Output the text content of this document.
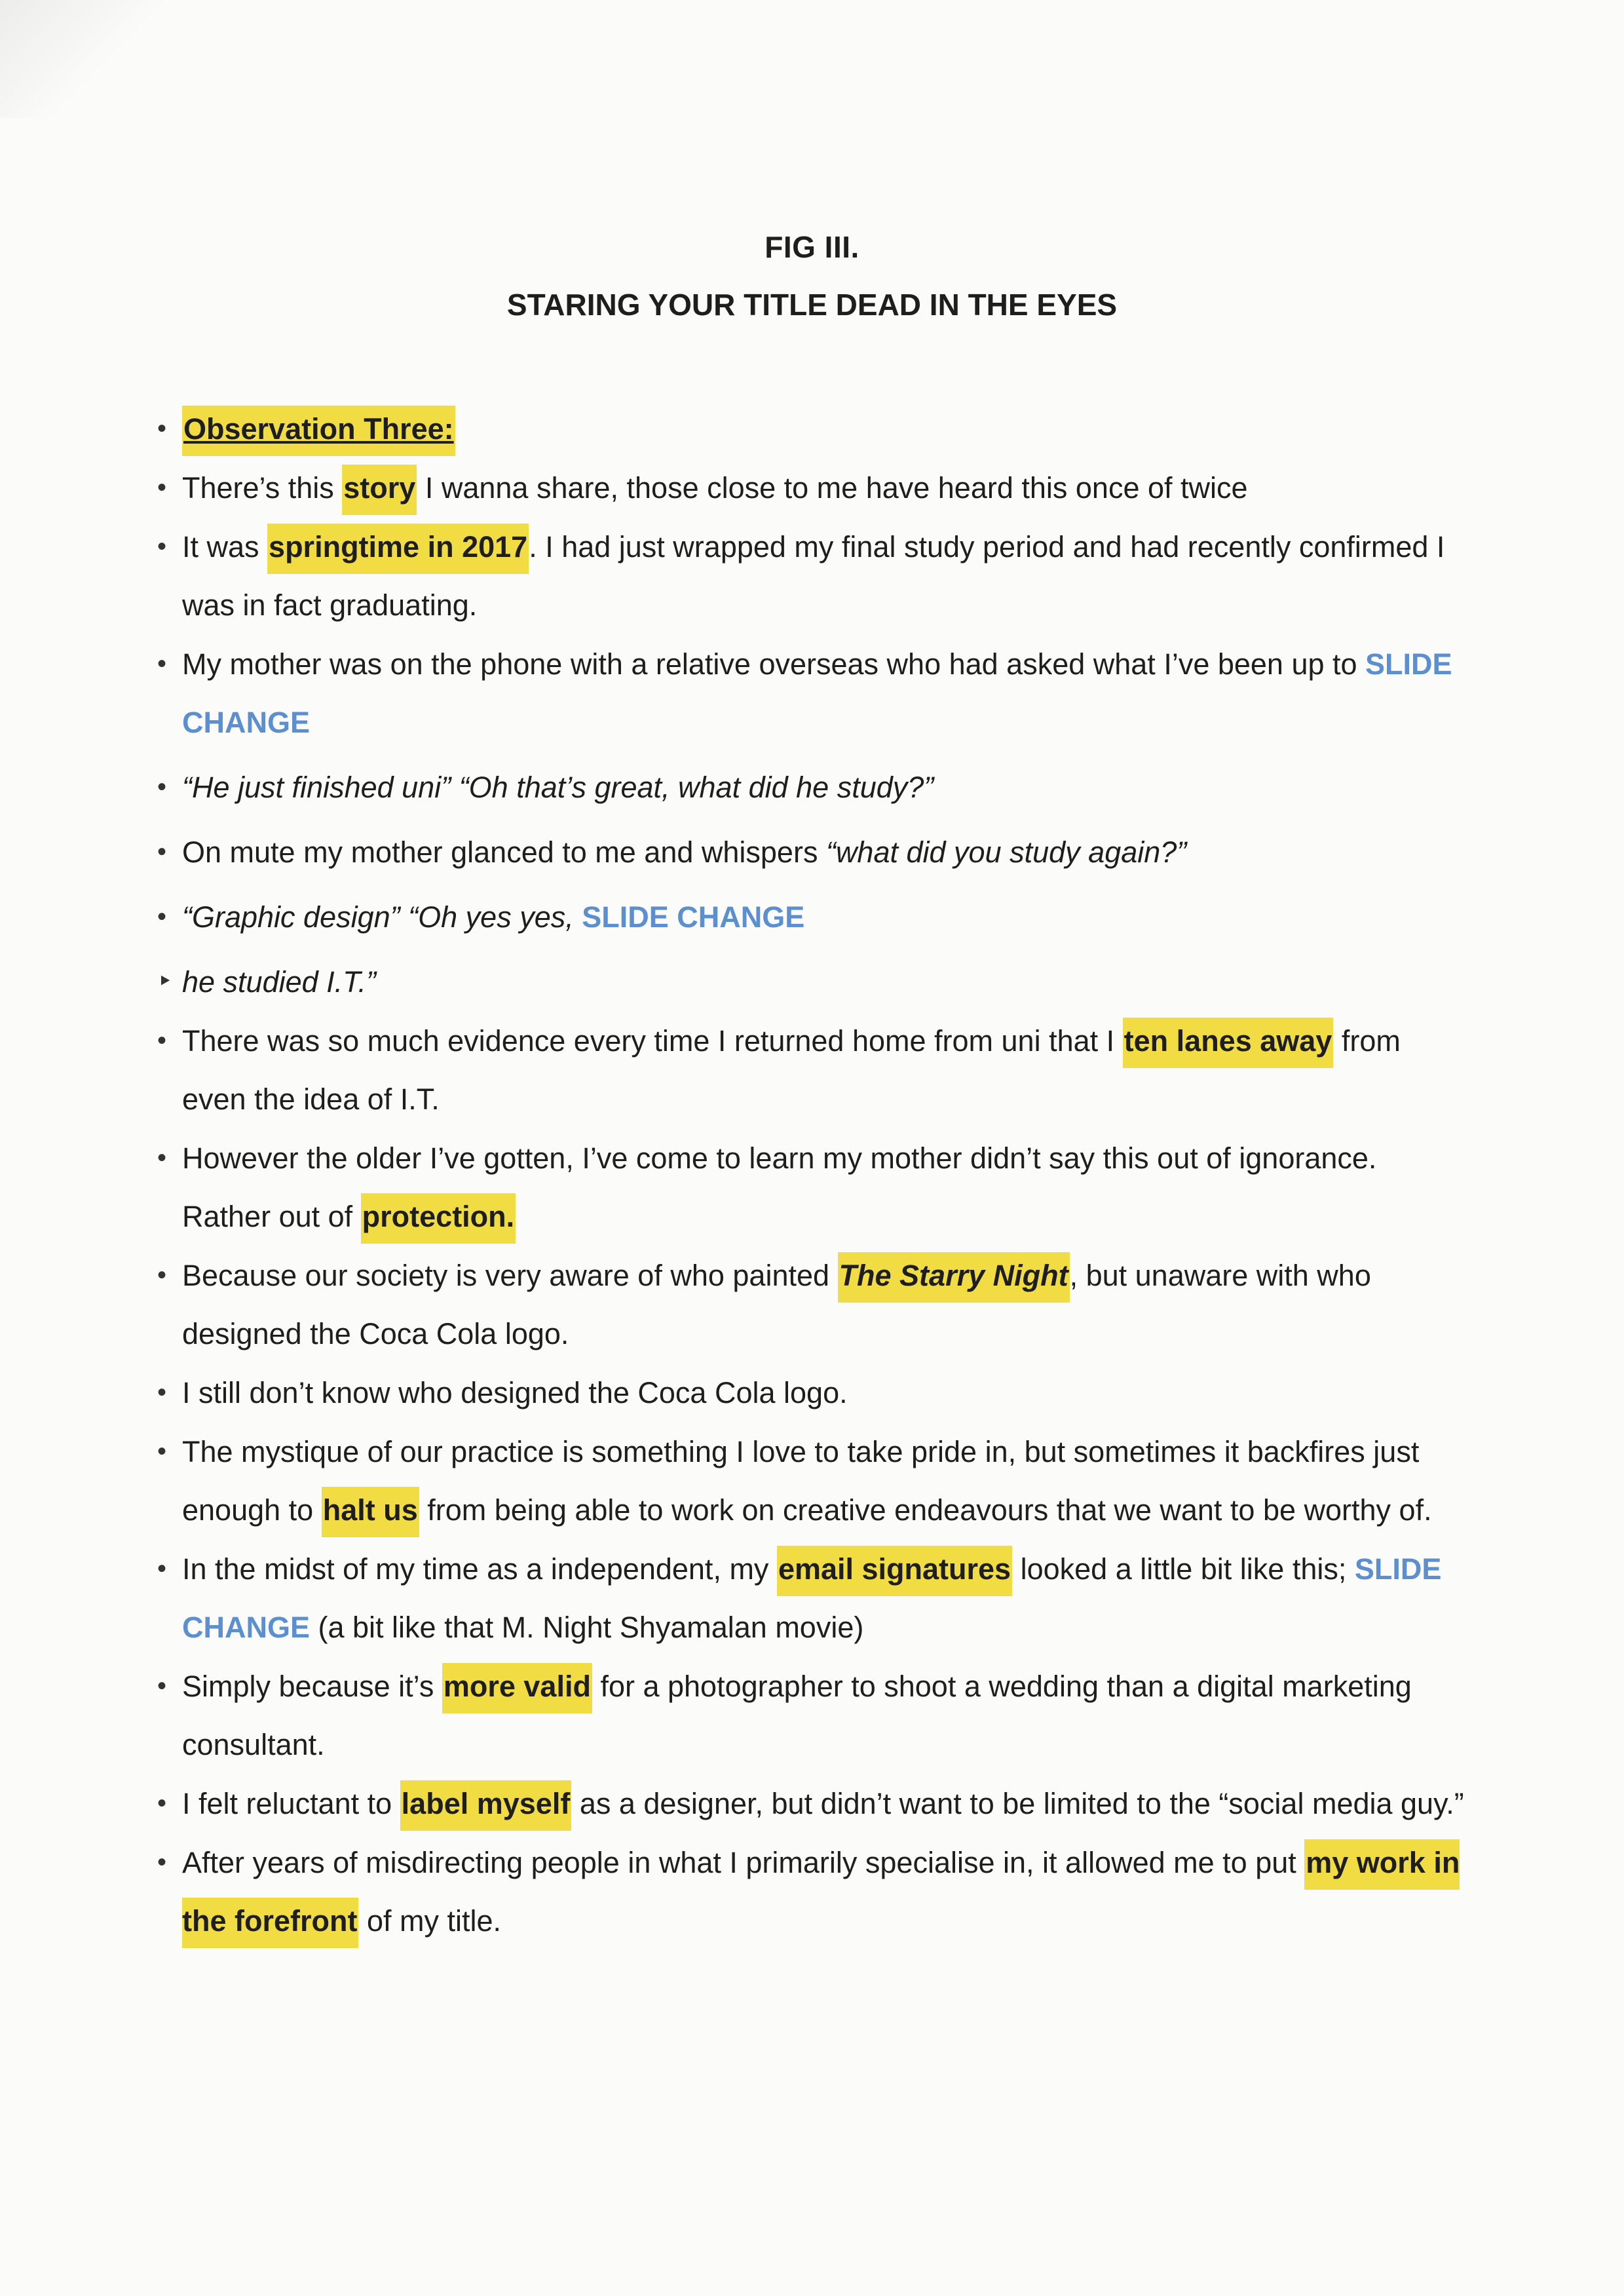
FIG III.
STARING YOUR TITLE DEAD IN THE EYES
• Observation Three:
• There’s this story I wanna share, those close to me have heard this once of twice
• It was springtime in 2017. I had just wrapped my final study period and had recently confirmed I was in fact graduating.
• My mother was on the phone with a relative overseas who had asked what I’ve been up to SLIDE CHANGE
• “He just finished uni” “Oh that’s great, what did he study?”
• On mute my mother glanced to me and whispers “what did you study again?”
• “Graphic design” “Oh yes yes, SLIDE CHANGE
‣ he studied I.T.”
• There was so much evidence every time I returned home from uni that I ten lanes away from even the idea of I.T.
• However the older I’ve gotten, I’ve come to learn my mother didn’t say this out of ignorance. Rather out of protection.
• Because our society is very aware of who painted The Starry Night, but unaware with who designed the Coca Cola logo.
• I still don’t know who designed the Coca Cola logo.
• The mystique of our practice is something I love to take pride in, but sometimes it backfires just enough to halt us from being able to work on creative endeavours that we want to be worthy of.
• In the midst of my time as a independent, my email signatures looked a little bit like this; SLIDE CHANGE (a bit like that M. Night Shyamalan movie)
• Simply because it’s more valid for a photographer to shoot a wedding than a digital marketing consultant.
• I felt reluctant to label myself as a designer, but didn’t want to be limited to the “social media guy.”
• After years of misdirecting people in what I primarily specialise in, it allowed me to put my work in the forefront of my title.
